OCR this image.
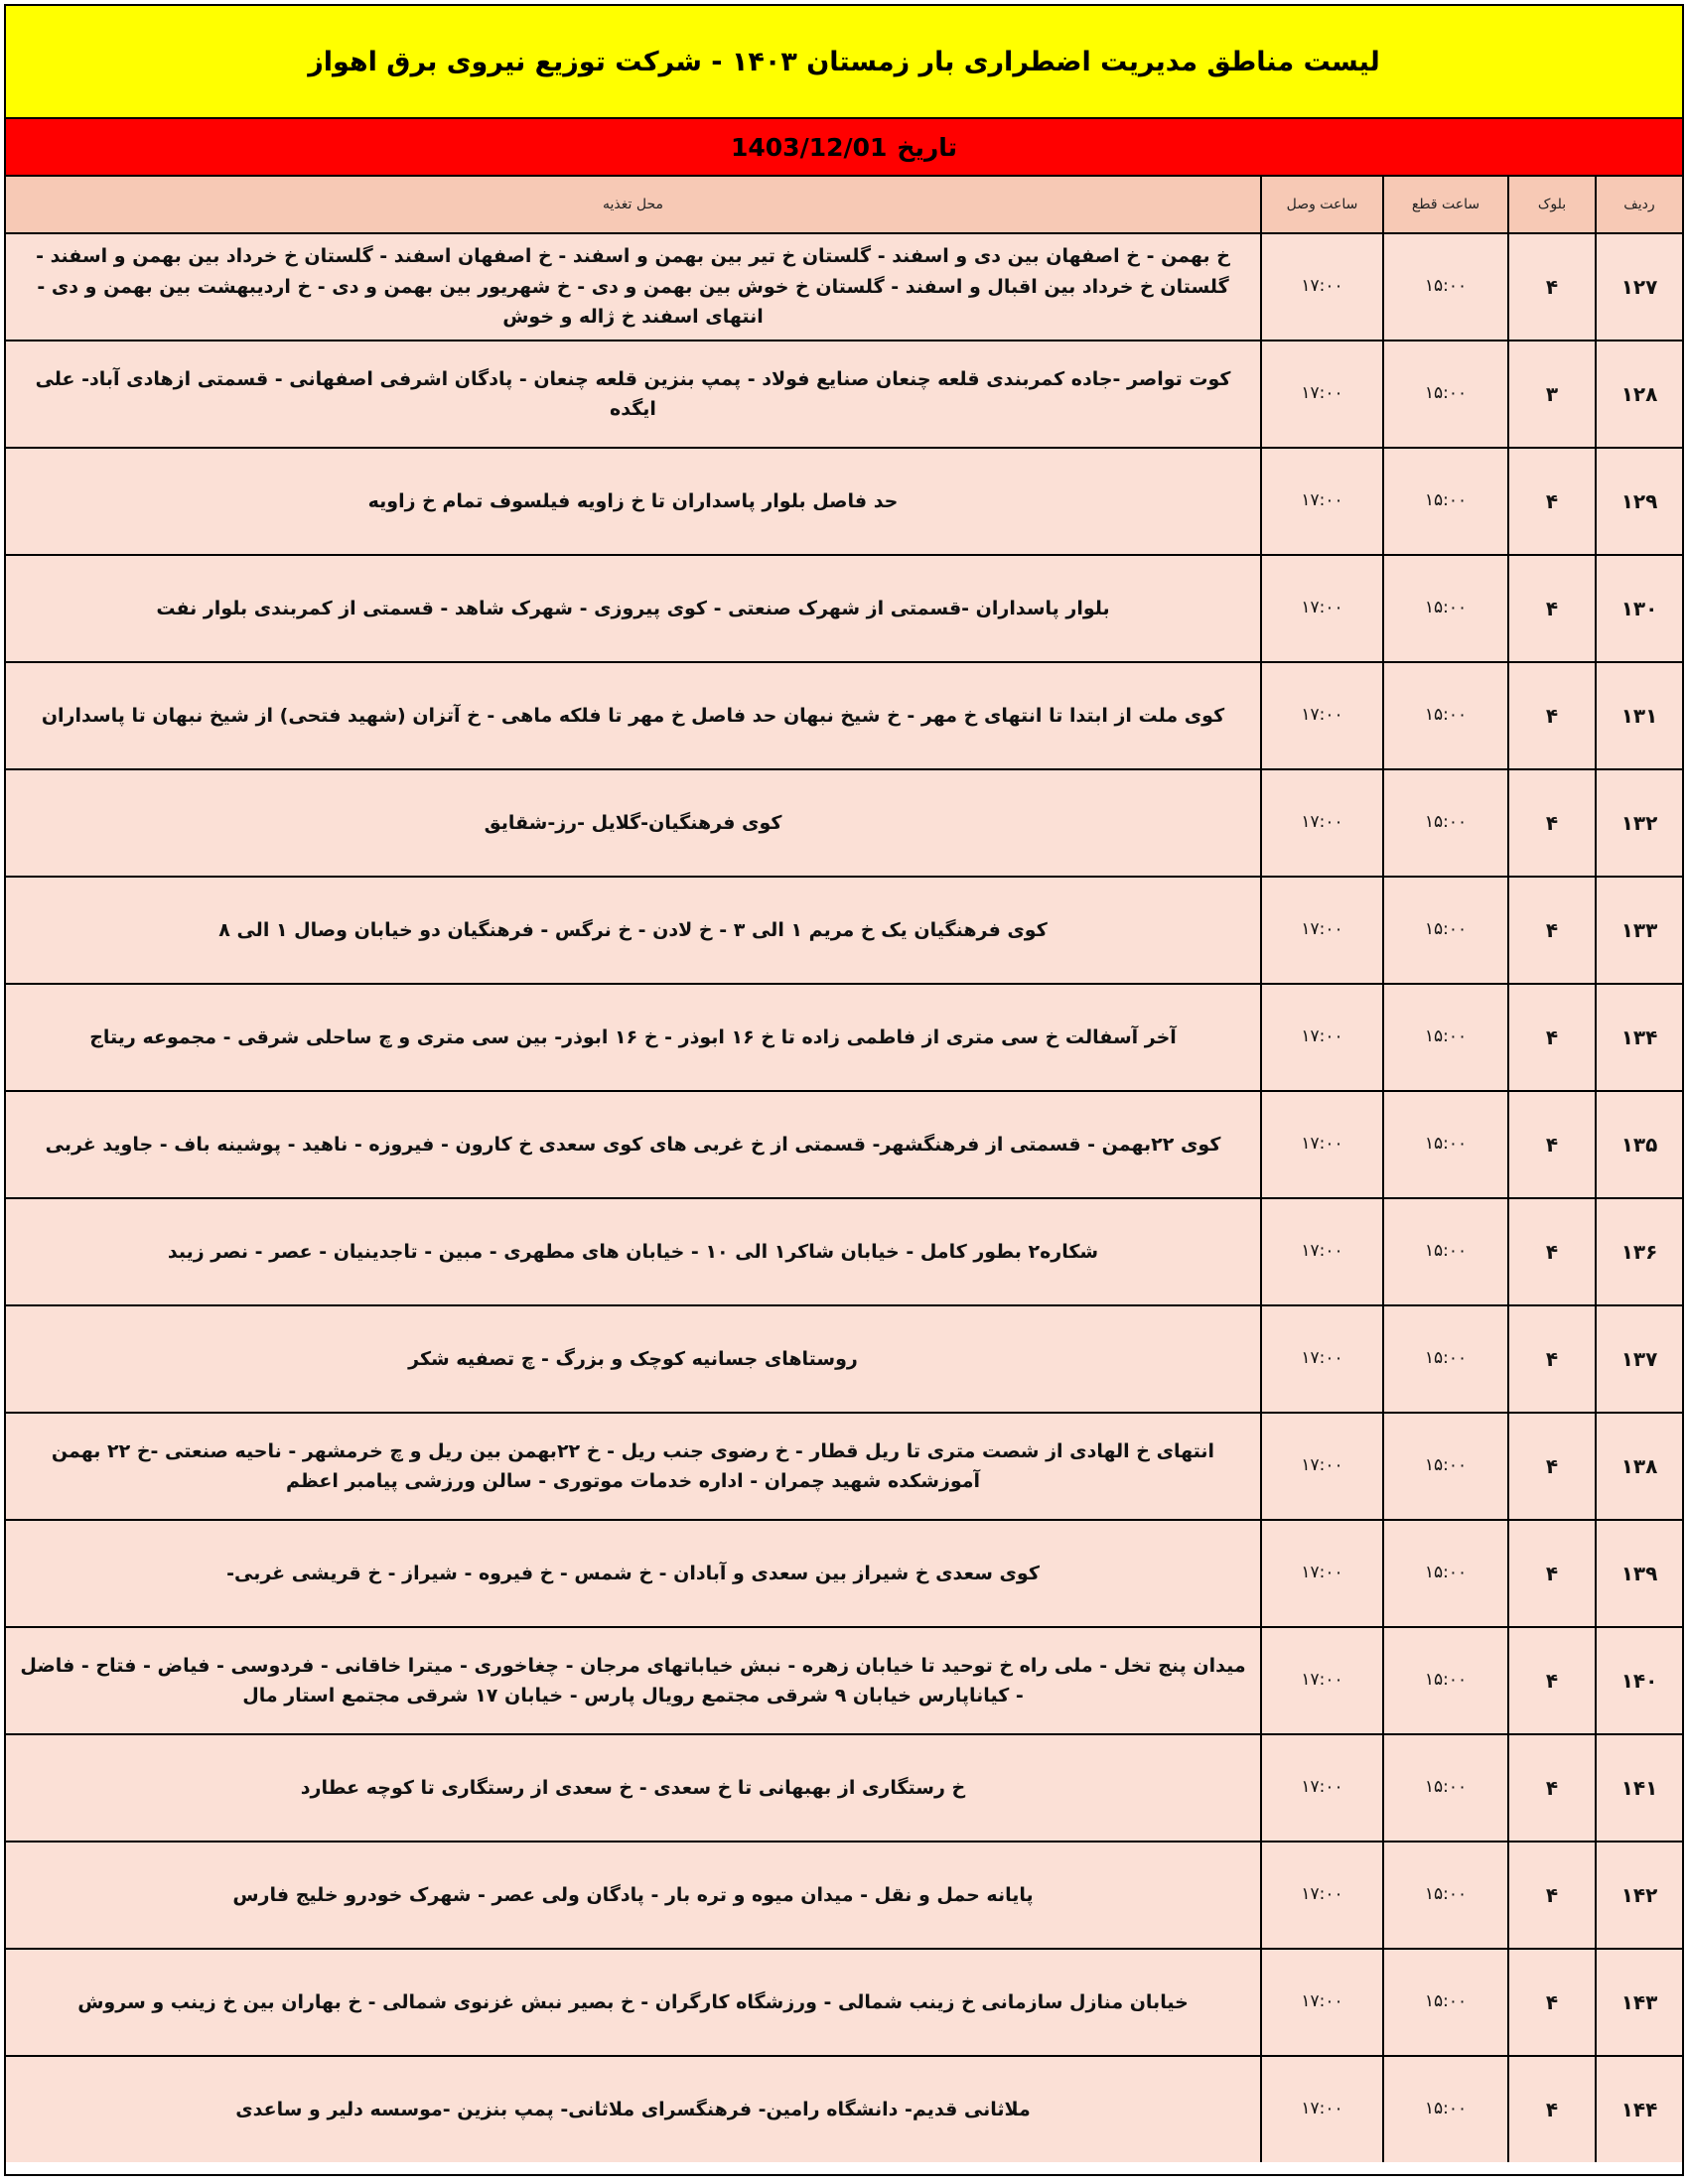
لیست مناطق مدیریت اضطراری بار زمستان ۱۴۰۳ - شرکت توزیع نیروی برق اهواز
تاریخ
1403/12/01
ردیف	بلوک	ساعت قطع	ساعت وصل	محل تغذیه
۱۲۷	۴	۱۵:۰۰	۱۷:۰۰	خ بهمن - خ اصفهان بین دی و اسفند - گلستان خ تیر بین بهمن و اسفند - خ اصفهان اسفند - گلستان خ خرداد بین بهمن و اسفند - گلستان خ خرداد بین اقبال و اسفند - گلستان خ خوش بین بهمن و دی - خ شهریور بین بهمن و دی - خ اردیبهشت بین بهمن و دی - انتهای اسفند خ ژاله و خوش
۱۲۸	۳	۱۵:۰۰	۱۷:۰۰	کوت تواصر -جاده کمربندی قلعه چنعان صنایع فولاد - پمپ بنزین قلعه چنعان - پادگان اشرفی اصفهانی - قسمتی ازهادی آباد- علی ایگده
۱۲۹	۴	۱۵:۰۰	۱۷:۰۰	حد فاصل بلوار پاسداران تا خ زاویه فیلسوف تمام خ زاویه
۱۳۰	۴	۱۵:۰۰	۱۷:۰۰	بلوار پاسداران -قسمتی از شهرک صنعتی - کوی پیروزی - شهرک شاهد - قسمتی از کمربندی بلوار نفت
۱۳۱	۴	۱۵:۰۰	۱۷:۰۰	کوی ملت از ابتدا تا انتهای خ مهر - خ شیخ نبهان حد فاصل خ مهر تا فلکه ماهی - خ آتزان (شهید فتحی) از شیخ نبهان تا پاسداران
۱۳۲	۴	۱۵:۰۰	۱۷:۰۰	کوی فرهنگیان-گلایل -رز-شقایق
۱۳۳	۴	۱۵:۰۰	۱۷:۰۰	کوی فرهنگیان یک خ مریم ۱ الی ۳ - خ لادن - خ نرگس - فرهنگیان دو خیابان وصال ۱ الی ۸
۱۳۴	۴	۱۵:۰۰	۱۷:۰۰	آخر آسفالت خ سی متری از فاطمی زاده تا خ ۱۶ ابوذر - خ ۱۶ ابوذر- بین سی متری و چ ساحلی شرقی - مجموعه ریتاج
۱۳۵	۴	۱۵:۰۰	۱۷:۰۰	کوی ۲۲بهمن - قسمتی از فرهنگشهر- قسمتی از خ غربی های کوی سعدی خ کارون - فیروزه - ناهید - پوشینه باف - جاوید غربی
۱۳۶	۴	۱۵:۰۰	۱۷:۰۰	شکاره۲ بطور کامل - خیابان شاکر۱ الی ۱۰ - خیابان های مطهری - مبین - تاجدینیان - عصر - نصر زیبد
۱۳۷	۴	۱۵:۰۰	۱۷:۰۰	روستاهای جسانیه کوچک و بزرگ - چ تصفیه شکر
۱۳۸	۴	۱۵:۰۰	۱۷:۰۰	انتهای خ الهادی از شصت متری تا ریل قطار - خ رضوی جنب ریل - خ ۲۲بهمن بین ریل و چ خرمشهر - ناحیه صنعتی -خ ۲۲ بهمن آموزشکده شهید چمران - اداره خدمات موتوری - سالن ورزشی پیامبر اعظم
۱۳۹	۴	۱۵:۰۰	۱۷:۰۰	کوی سعدی خ شیراز بین سعدی و آبادان - خ شمس - خ فیروه - شیراز - خ قریشی غربی-
۱۴۰	۴	۱۵:۰۰	۱۷:۰۰	میدان پنج تخل - ملی راه خ توحید تا خیابان زهره - نبش خیاباتهای مرجان - چغاخوری - میترا خاقانی - فردوسی - فیاض - فتاح - فاضل - کیاناپارس خیابان ۹ شرقی مجتمع رویال پارس - خیابان ۱۷ شرقی مجتمع استار مال
۱۴۱	۴	۱۵:۰۰	۱۷:۰۰	خ رستگاری از بهبهانی تا خ سعدی - خ سعدی از رستگاری تا کوچه عطارد
۱۴۲	۴	۱۵:۰۰	۱۷:۰۰	پایانه حمل و نقل - میدان میوه و تره بار - پادگان ولی عصر - شهرک خودرو خلیج فارس
۱۴۳	۴	۱۵:۰۰	۱۷:۰۰	خیابان منازل سازمانی خ زینب شمالی - ورزشگاه کارگران - خ بصیر نبش غزنوی شمالی - خ بهاران بین خ زینب و سروش
۱۴۴	۴	۱۵:۰۰	۱۷:۰۰	ملاثانی قدیم- دانشگاه رامین- فرهنگسرای ملاثانی- پمپ بنزین -موسسه دلیر و ساعدی
